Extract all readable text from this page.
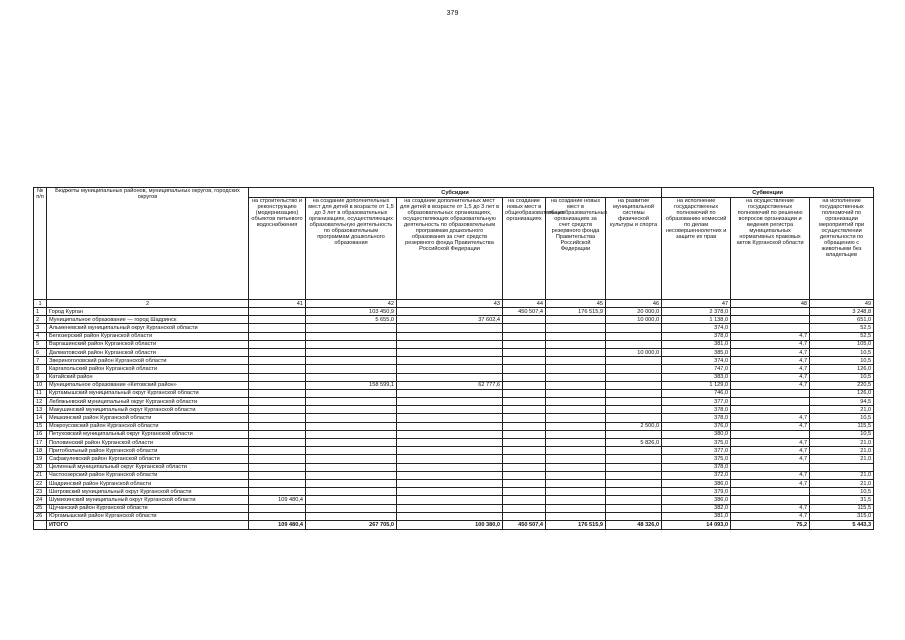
379
№ п/п	Бюджеты муниципальных районов, муниципальных округов, городских округов	Субсидии						Субвенции		
		на строительство и реконструкцию (модернизацию) объектов питьевого водоснабжения	на создание дополнительных мест для детей в возрасте от 1,5 до 3 лет в образовательных организациях, осуществляющих образовательную деятельность по образовательным программам дошкольного образования	на создание дополнительных мест для детей в возрасте от 1,5 до 3 лет в образовательных организациях, осуществляющих образовательную деятельность по образовательным программам дошкольного образования за счет средств резервного фонда Правительства Российской Федерации	на создание новых мест в общеобразовательных организациях	на создание новых мест в общеобразовательных организациях за счет средств резервного фонда Правительства Российской Федерации	на развитие муниципальной системы физической культуры и спорта	на исполнение государственных полномочий по образованию комиссий по делам несовершеннолетних и защите их прав	на осуществление государственных полномочий по решению вопросов организации и ведения регистра муниципальных нормативных правовых актов Курганской области	на исполнение государственных полномочий по организации мероприятий при осуществлении деятельности по обращению с животными без владельцев
1	2	41	42	43	44	45	46	47	48	49
1	Город Курган		103 450,9		450 507,4	176 515,9	20 000,0	2 378,0		3 248,8
2	Муниципальное образование — город Шадринск		5 655,0	37 602,4			10 000,0	1 138,0		651,0
3	Альменевский муниципальный округ Курганской области							374,0		52,5
4	Белозерский район Курганской области							378,0	4,7	52,5
5	Варгашинский район Курганской области							381,0	4,7	105,0
6	Далматовский район Курганской области						10 000,0	385,0	4,7	10,5
7	Звериноголовский район Курганской области							374,0	4,7	10,5
8	Каргапольский район Курганской области							747,0	4,7	126,0
9	Катайский район							383,0	4,7	10,5
10	Муниципальное образование «Кетовский район»		158 599,1	62 777,6				1 129,0	4,7	220,5
11	Куртамышский муниципальный округ Курганской области							746,0		126,0
12	Лебяжьевский муниципальный округ Курганской области							377,0		94,5
13	Макушинский муниципальный округ Курганской области							378,0		21,0
14	Мишкинский район Курганской области							378,0	4,7	10,5
15	Мокроусовский район Курганской области						2 500,0	376,0	4,7	115,5
16	Петуховский муниципальный округ Курганской области							380,0		10,5
17	Половинский район Курганской области						5 826,0	375,0	4,7	21,0
18	Притобольный район Курганской области							377,0	4,7	21,0
19	Сафакулевский район Курганской области							375,0	4,7	21,0
20	Целинный муниципальный округ Курганской области							378,0		
21	Частоозерский район Курганской области							372,0	4,7	21,0
22	Шадринский район Курганской области							386,0	4,7	21,0
23	Шатровский муниципальный округ Курганской области							379,0		10,5
24	Шумихинский муниципальный округ Курганской области	109 480,4						386,0		31,5
25	Щучанский район Курганской области							382,0	4,7	115,5
26	Юргамышский район Курганской области							381,0	4,7	315,0
	ИТОГО	109 480,4	267 705,0	100 380,0	450 507,4	176 515,9	48 326,0	14 093,0	75,2	5 443,3
